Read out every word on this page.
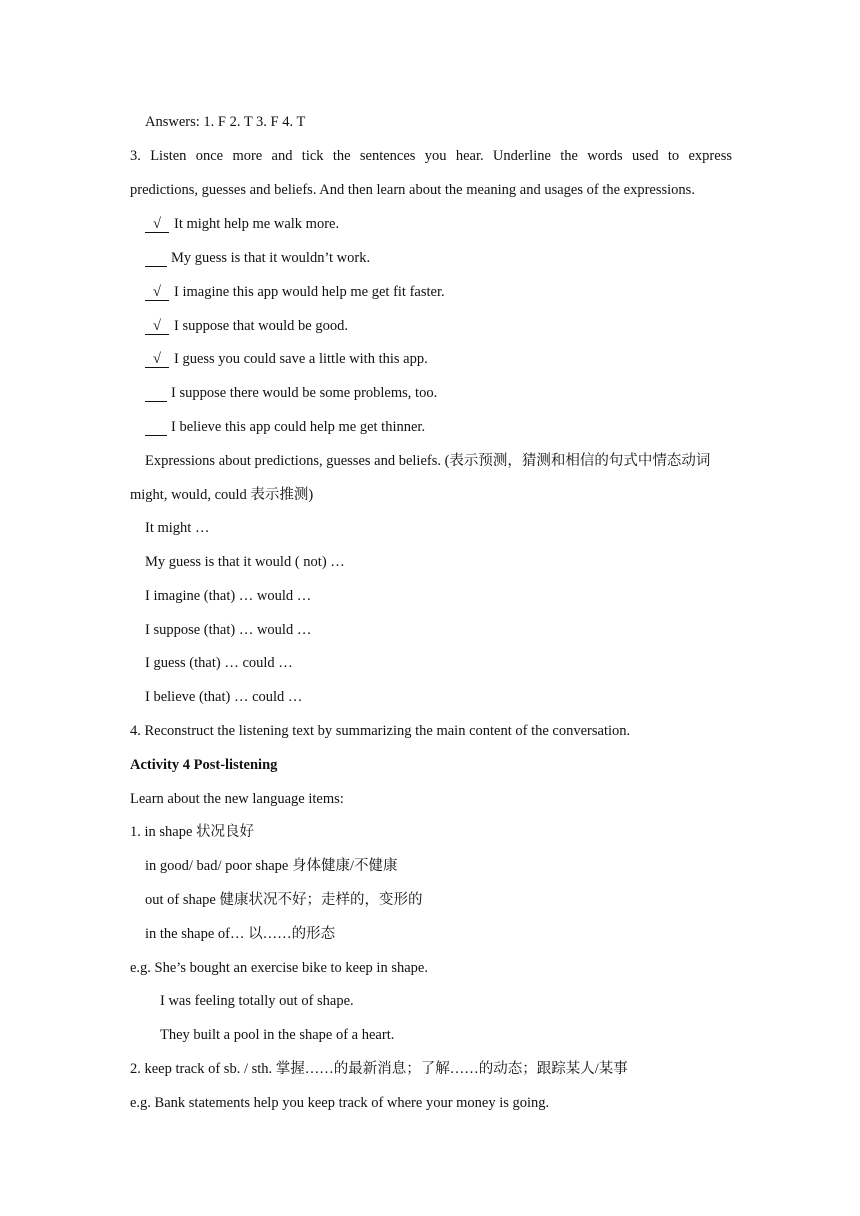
Answers: 1. F 2. T 3. F 4. T
3. Listen once more and tick the sentences you hear. Underline the words used to express
predictions, guesses and beliefs. And then learn about the meaning and usages of the expressions.
√ It might help me walk more.
My guess is that it wouldn’t work.
√ I imagine this app would help me get fit faster.
√ I suppose that would be good.
√ I guess you could save a little with this app.
I suppose there would be some problems, too.
I believe this app could help me get thinner.
Expressions about predictions, guesses and beliefs. (表示预测，猜测和相信的句式中情态动词
might, would, could 表示推测)
It might …
My guess is that it would ( not) …
I imagine (that) … would …
I suppose (that) … would …
I guess (that) … could …
I believe (that) … could …
4. Reconstruct the listening text by summarizing the main content of the conversation.
Activity 4 Post-listening
Learn about the new language items:
1. in shape 状况良好
in good/ bad/ poor shape 身体健康/不健康
out of shape 健康状况不好；走样的，变形的
in the shape of… 以……的形态
e.g. She’s bought an exercise bike to keep in shape.
I was feeling totally out of shape.
They built a pool in the shape of a heart.
2. keep track of sb. / sth. 掌握……的最新消息；了解……的动态；跟踪某人/某事
e.g. Bank statements help you keep track of where your money is going.
